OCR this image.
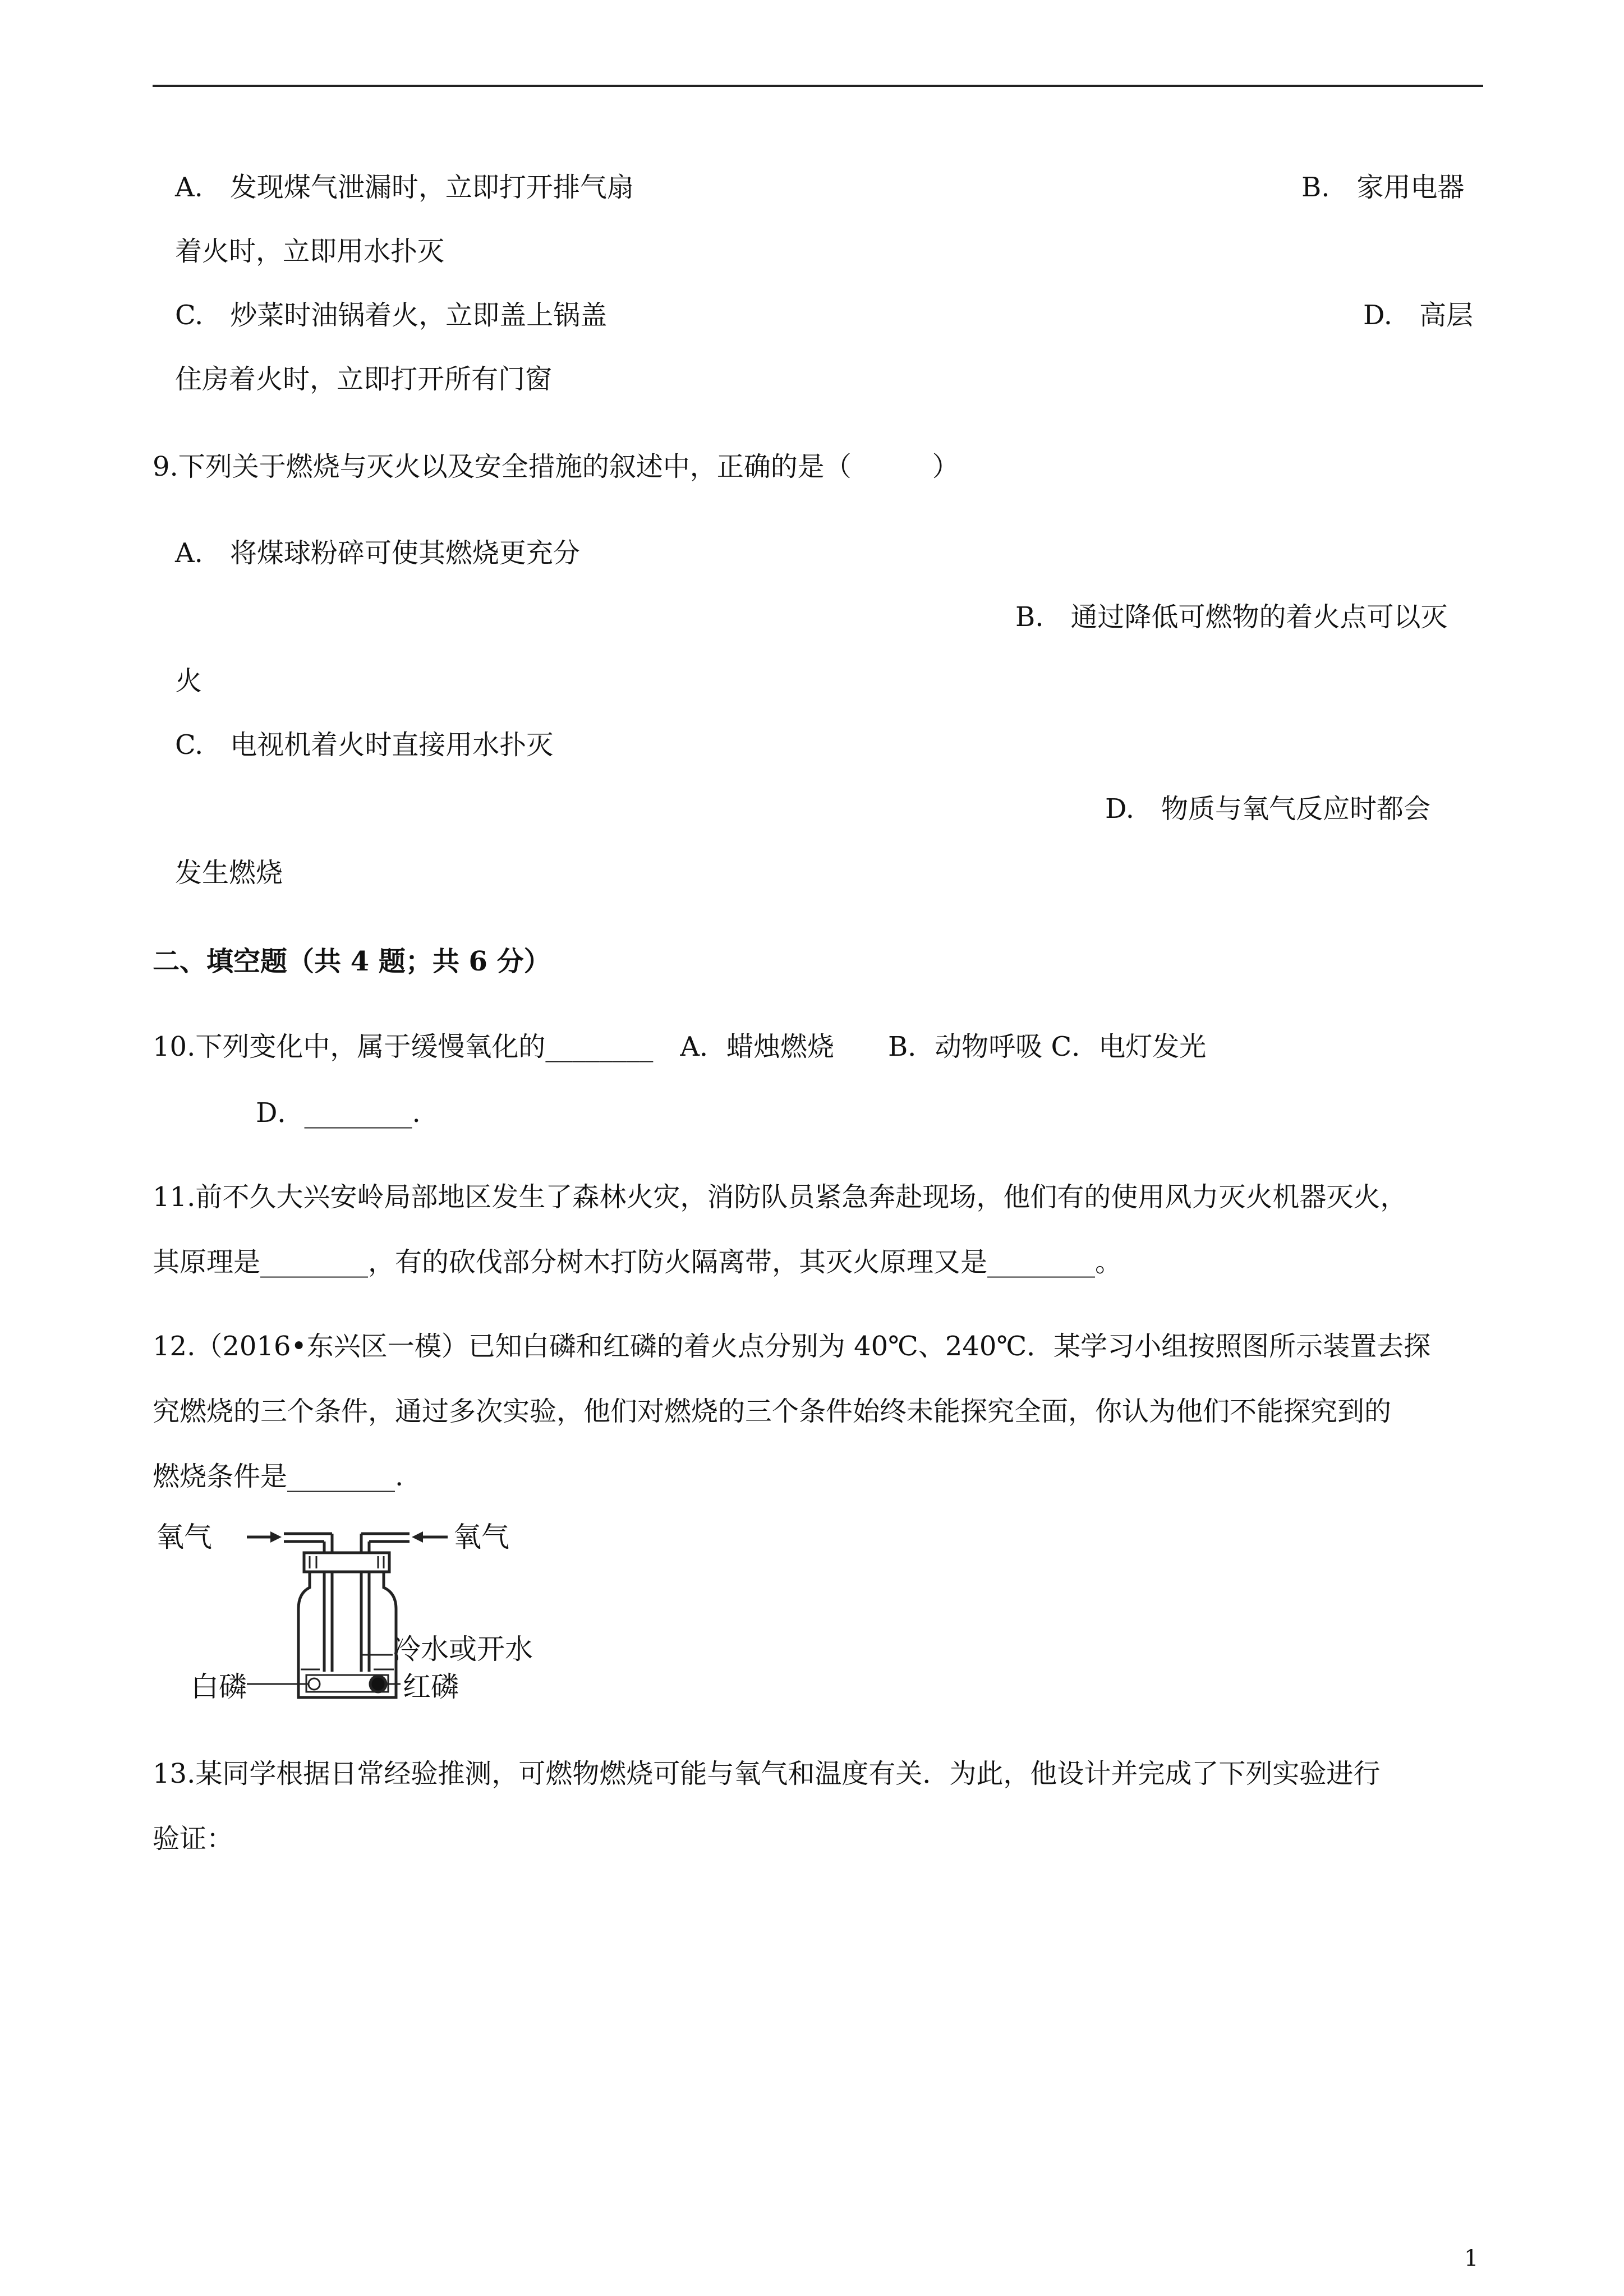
A.　发现煤气泄漏时，立即打开排气扇	B.　家用电器
着火时，立即用水扑灭
C.　炒菜时油锅着火，立即盖上锅盖	D.　高层
住房着火时，立即打开所有门窗
9.下列关于燃烧与灭火以及安全措施的叙述中，正确的是（　　　）
A.　将煤球粉碎可使其燃烧更充分
B.　通过降低可燃物的着火点可以灭
火
C.　电视机着火时直接用水扑灭
D.　物质与氧气反应时都会
发生燃烧
二、填空题（共 4 题；共 6 分）
10.下列变化中，属于缓慢氧化的________　A．蜡烛燃烧　　B．动物呼吸 C．电灯发光
D．________.
11.前不久大兴安岭局部地区发生了森林火灾，消防队员紧急奔赴现场，他们有的使用风力灭火机器灭火，
其原理是________，有的砍伐部分树木打防火隔离带，其灭火原理又是________。
12.（2016•东兴区一模）已知白磷和红磷的着火点分别为 40℃、240℃．某学习小组按照图所示装置去探
究燃烧的三个条件，通过多次实验，他们对燃烧的三个条件始终未能探究全面，你认为他们不能探究到的
燃烧条件是________.
氧气	氧气
冷水或开水
白磷	红磷
13.某同学根据日常经验推测，可燃物燃烧可能与氧气和温度有关．为此，他设计并完成了下列实验进行
验证：
1
